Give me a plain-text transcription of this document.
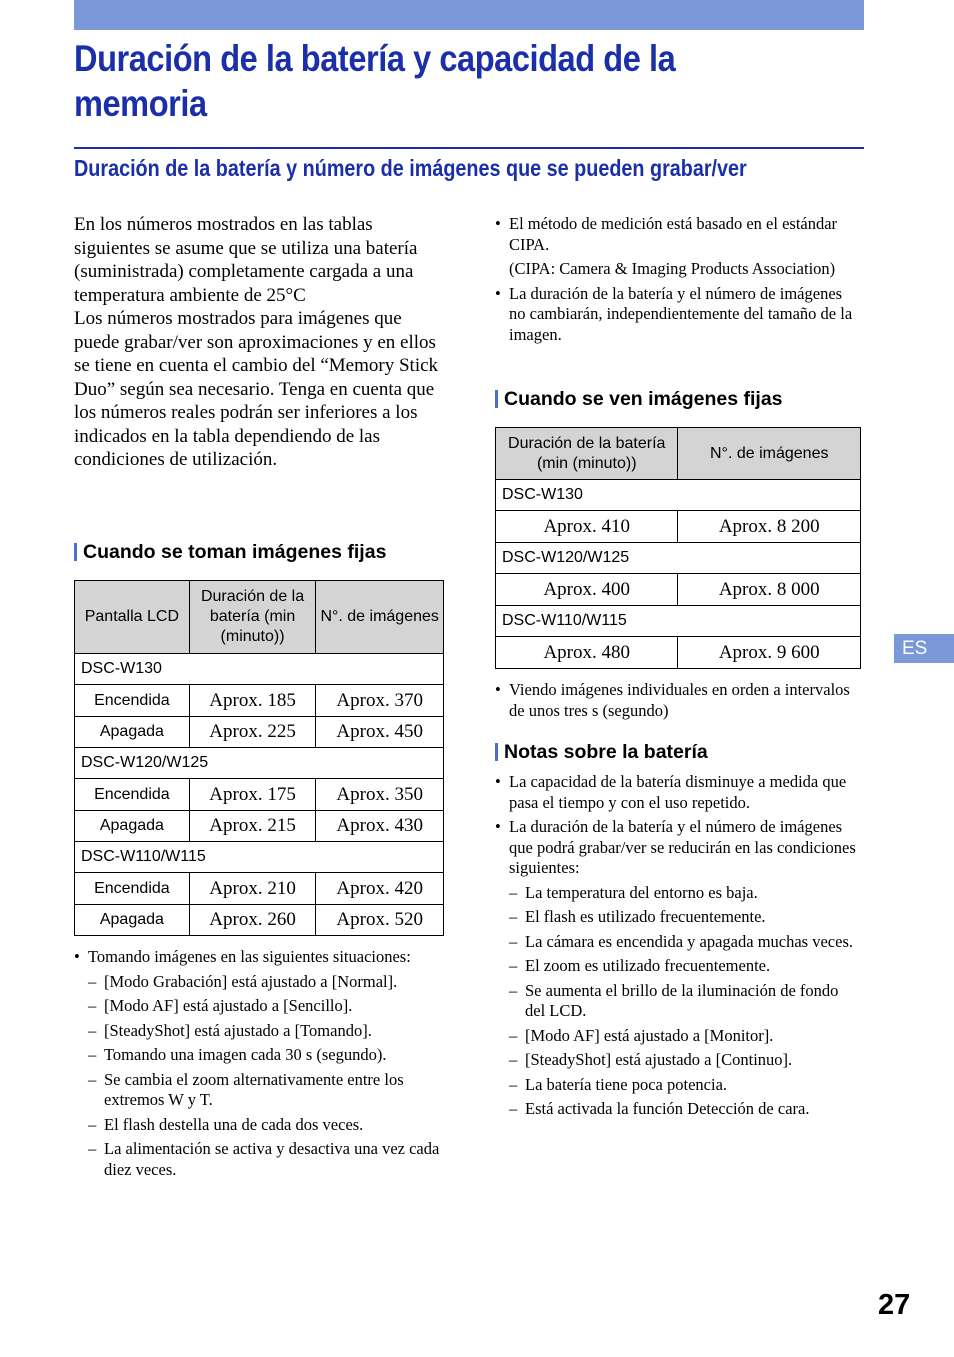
Duración de la batería y capacidad de la
memoria
Duración de la batería y número de imágenes que se pueden grabar/ver

En los números mostrados en las tablas siguientes se asume que se utiliza una batería (suministrada) completamente cargada a una temperatura ambiente de 25°C

Los números mostrados para imágenes que puede grabar/ver son aproximaciones y en ellos se tiene en cuenta el cambio del “Memory Stick Duo” según sea necesario. Tenga en cuenta que los números reales podrán ser inferiores a los indicados en la tabla dependiendo de las condiciones de utilización.

Cuando se toman imágenes fijas
Pantalla LCD	Duración de la batería (min (minuto))	N°. de imágenes
DSC-W130		
Encendida	Aprox. 185	Aprox. 370
Apagada	Aprox. 225	Aprox. 450
DSC-W120/W125		
Encendida	Aprox. 175	Aprox. 350
Apagada	Aprox. 215	Aprox. 430
DSC-W110/W115		
Encendida	Aprox. 210	Aprox. 420
Apagada	Aprox. 260	Aprox. 520
• Tomando imágenes en las siguientes situaciones:
– [Modo Grabación] está ajustado a [Normal].
– [Modo AF] está ajustado a [Sencillo].
– [SteadyShot] está ajustado a [Tomando].
– Tomando una imagen cada 30 s (segundo).
– Se cambia el zoom alternativamente entre los extremos W y T.
– El flash destella una de cada dos veces.
– La alimentación se activa y desactiva una vez cada diez veces.
• El método de medición está basado en el estándar CIPA.
(CIPA: Camera & Imaging Products Association)
• La duración de la batería y el número de imágenes no cambiarán, independientemente del tamaño de la imagen.
Cuando se ven imágenes fijas
Duración de la batería (min (minuto))	N°. de imágenes
DSC-W130	
Aprox. 410	Aprox. 8 200
DSC-W120/W125	
Aprox. 400	Aprox. 8 000
DSC-W110/W115	
Aprox. 480	Aprox. 9 600
• Viendo imágenes individuales en orden a intervalos de unos tres s (segundo)
Notas sobre la batería
• La capacidad de la batería disminuye a medida que pasa el tiempo y con el uso repetido.
• La duración de la batería y el número de imágenes que podrá grabar/ver se reducirán en las condiciones siguientes:
– La temperatura del entorno es baja.
– El flash es utilizado frecuentemente.
– La cámara es encendida y apagada muchas veces.
– El zoom es utilizado frecuentemente.
– Se aumenta el brillo de la iluminación de fondo del LCD.
– [Modo AF] está ajustado a [Monitor].
– [SteadyShot] está ajustado a [Continuo].
– La batería tiene poca potencia.
– Está activada la función Detección de cara.
ES
27
